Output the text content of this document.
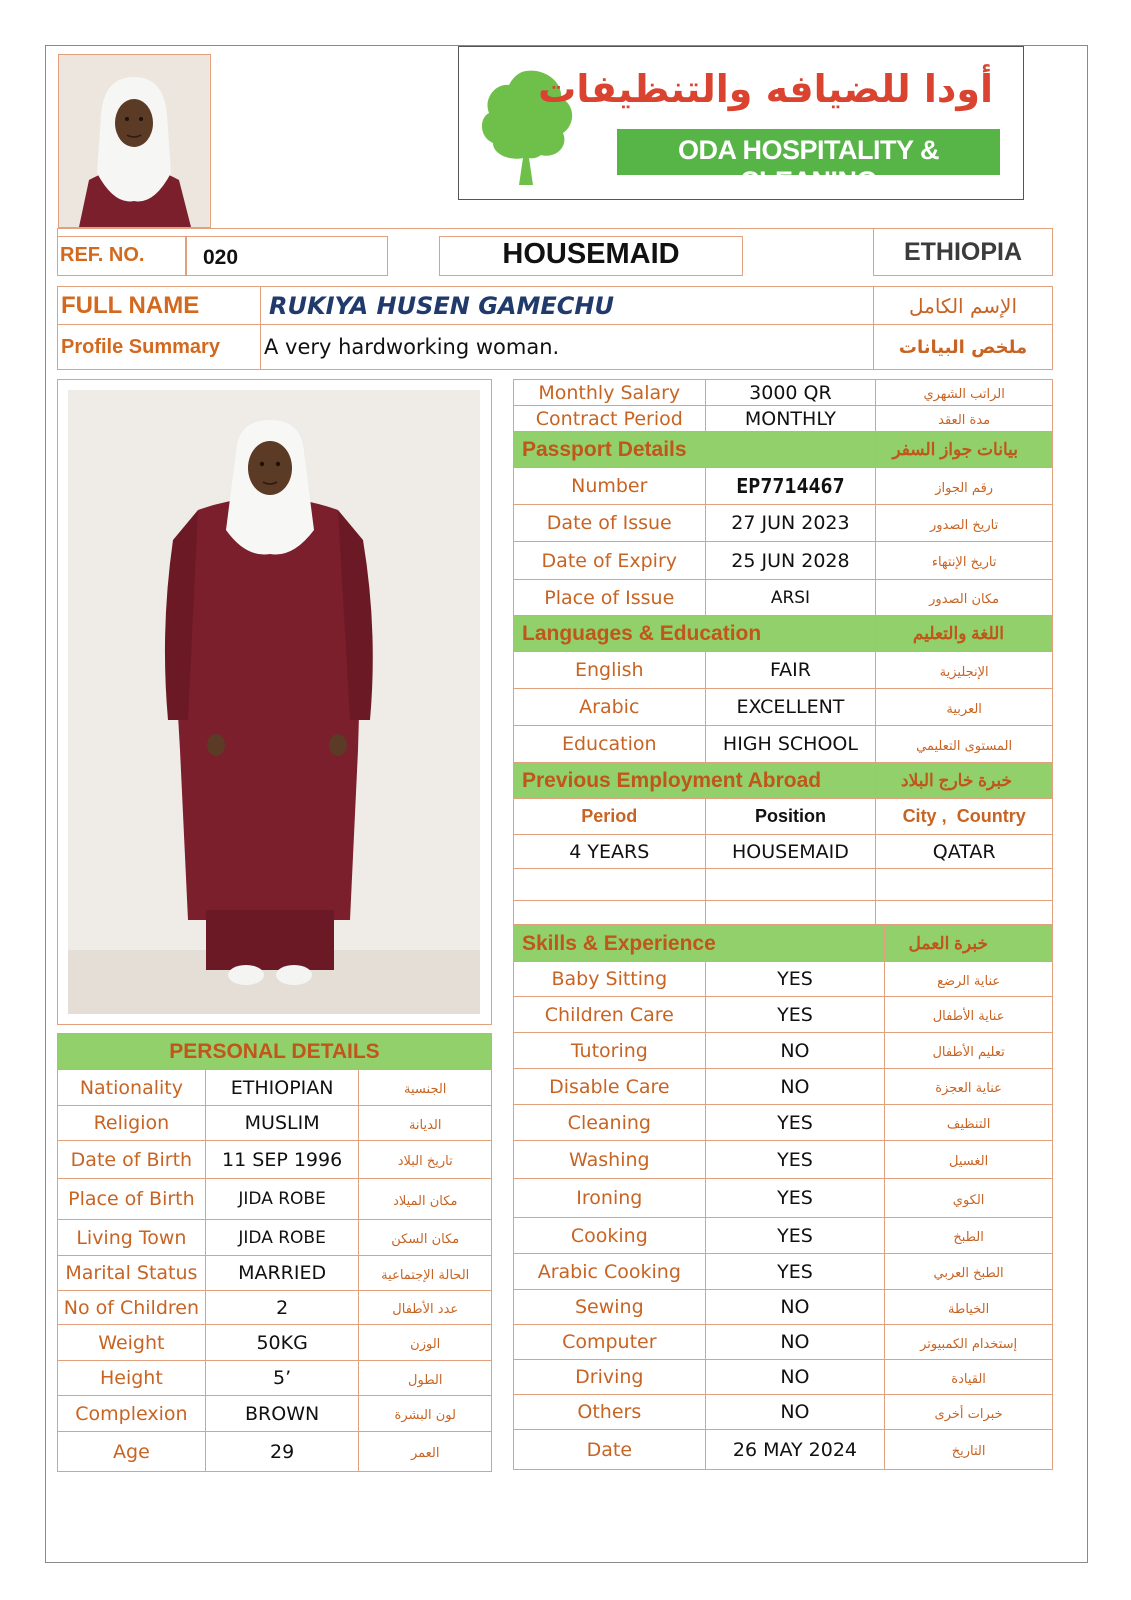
أودا للضيافه والتنظيفات
ODA HOSPITALITY & CLEANING
REF. NO.	020	HOUSEMAID	ETHIOPIA
FULL NAME	RUKIYA HUSEN GAMECHU	الإسم الكامل
Profile Summary	A very hardworking woman.	ملخص البيانات
PERSONAL DETAILS		
Nationality	ETHIOPIAN	الجنسية
Religion	MUSLIM	الديانة
Date of Birth	11 SEP 1996	تاريخ البلاد
Place of Birth	JIDA ROBE	مكان الميلاد
Living Town	JIDA ROBE	مكان السكن
Marital Status	MARRIED	الحالة الإجتماعية
No of Children	2	عدد الأطفال
Weight	50KG	الوزن
Height	5’	الطول
Complexion	BROWN	لون البشرة
Age	29	العمر
Monthly Salary	3000 QR	الراتب الشهري
Contract Period	MONTHLY	مدة العقد
Passport Details		بيانات جواز السفر
Number	EP7714467	رقم الجواز
Date of Issue	27 JUN 2023	تاريخ الصدور
Date of Expiry	25 JUN 2028	تاريخ الإنتهاء
Place of Issue	ARSI	مكان الصدور
Languages & Education		اللغة والتعليم
English	FAIR	الإنجليزية
Arabic	EXCELLENT	العربية
Education	HIGH SCHOOL	المستوى التعليمي
Previous Employment Abroad		خبرة خارج البلاد
Period	Position	City , Country
4 YEARS	HOUSEMAID	QATAR

Skills & Experience		خبرة العمل
Baby Sitting	YES	عناية الرضع
Children Care	YES	عناية الأطفال
Tutoring	NO	تعليم الأطفال
Disable Care	NO	عناية العجزة
Cleaning	YES	التنظيف
Washing	YES	الغسيل
Ironing	YES	الكوي
Cooking	YES	الطبخ
Arabic Cooking	YES	الطبخ العربي
Sewing	NO	الخياطة
Computer	NO	إستخدام الكمبيوتر
Driving	NO	القيادة
Others	NO	خبرات أخرى
Date	26 MAY 2024	التاريخ
